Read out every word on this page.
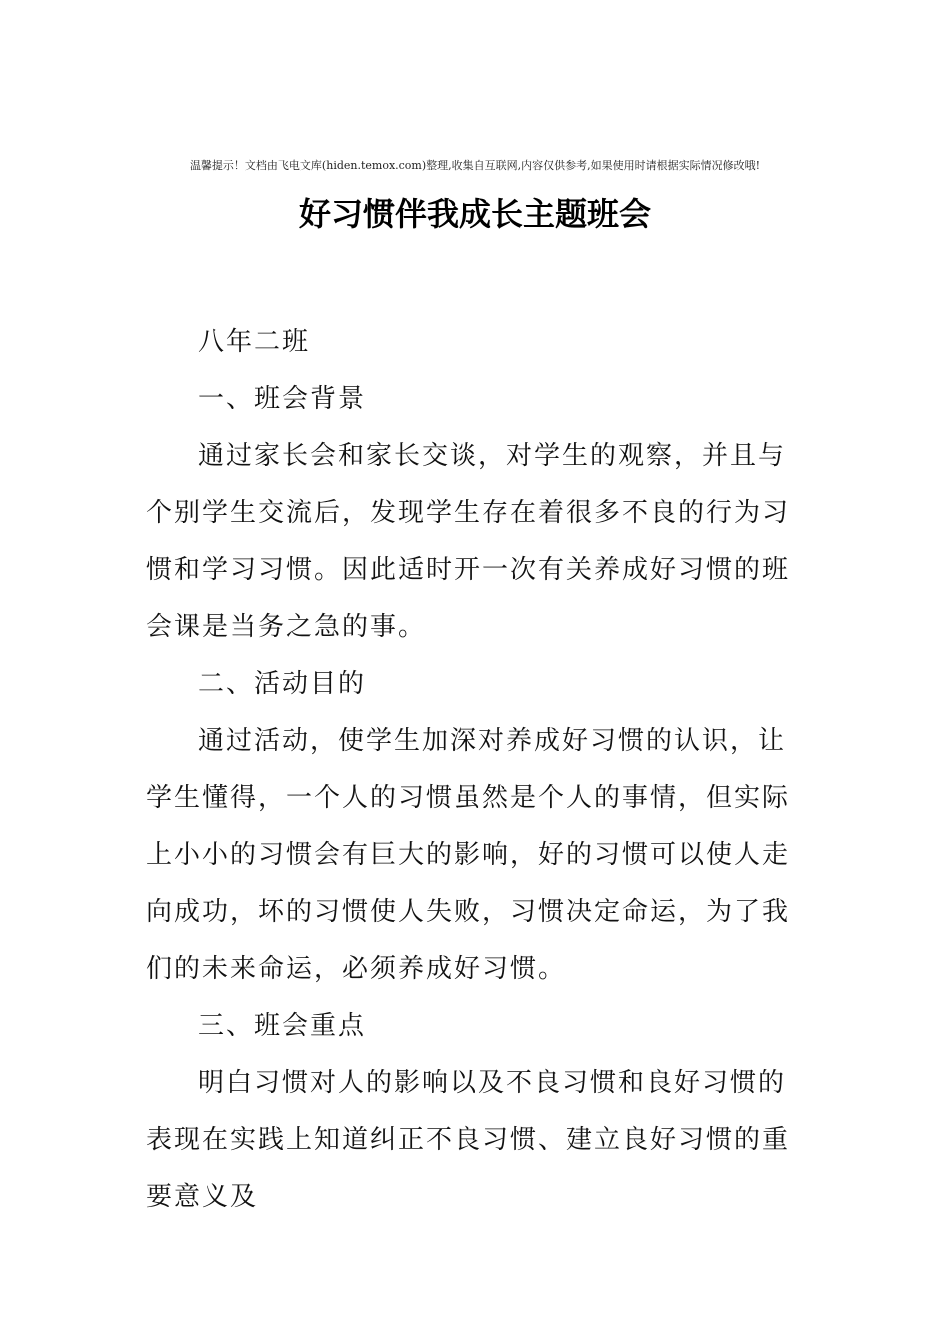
温馨提示！文档由飞电文库(hiden.temox.com)整理,收集自互联网,内容仅供参考,如果使用时请根据实际情况修改哦!
好习惯伴我成长主题班会

八年二班

一、班会背景

通过家长会和家长交谈，对学生的观察，并且与个别学生交流后，发现学生存在着很多不良的行为习惯和学习习惯。因此适时开一次有关养成好习惯的班会课是当务之急的事。

二、活动目的

通过活动，使学生加深对养成好习惯的认识，让学生懂得，一个人的习惯虽然是个人的事情，但实际上小小的习惯会有巨大的影响，好的习惯可以使人走向成功，坏的习惯使人失败，习惯决定命运，为了我们的未来命运，必须养成好习惯。

三、班会重点

明白习惯对人的影响以及不良习惯和良好习惯的表现在实践上知道纠正不良习惯、建立良好习惯的重要意义及
